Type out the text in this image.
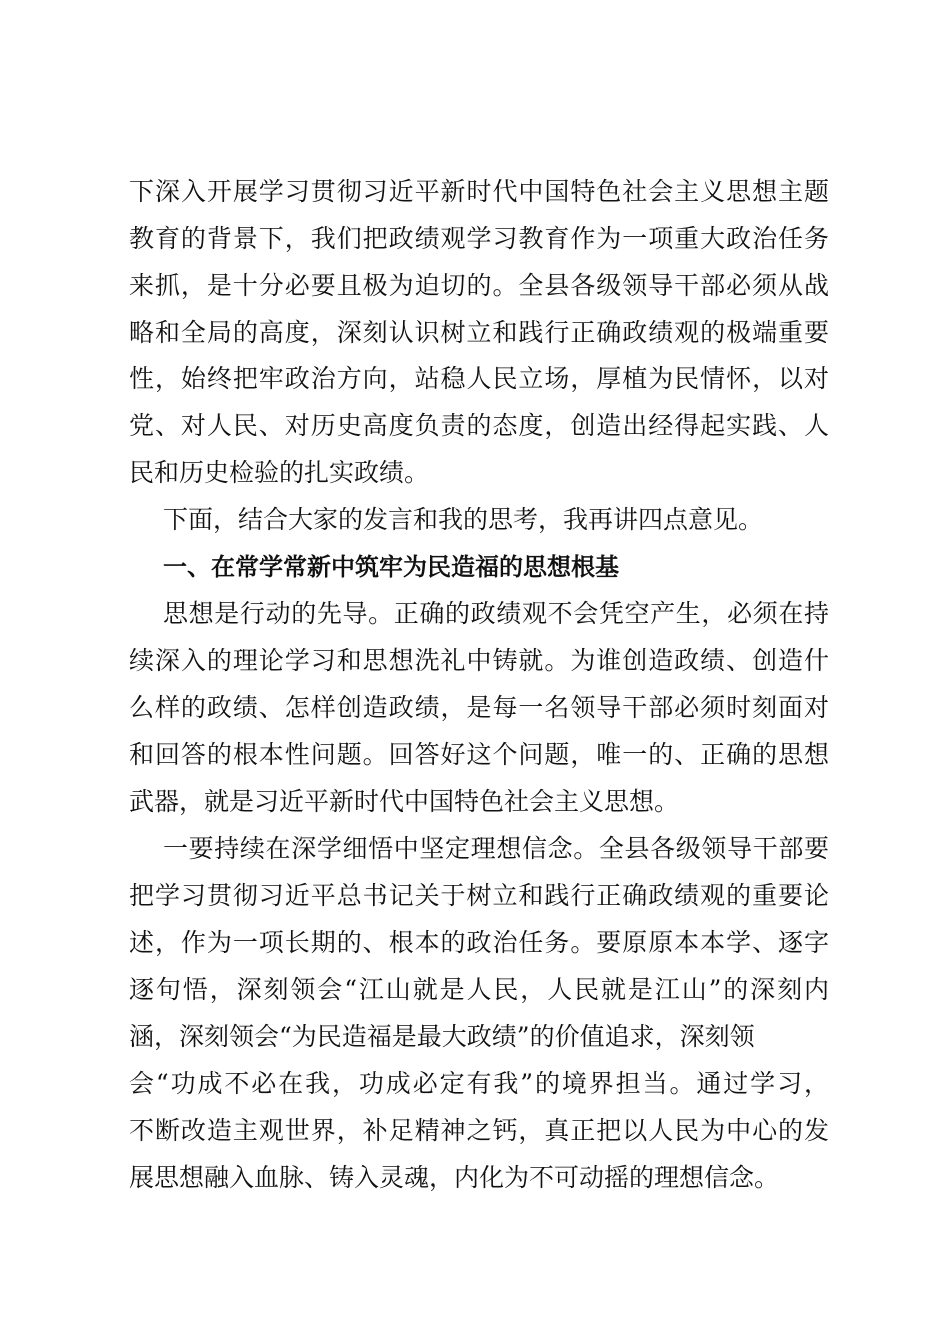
下深入开展学习贯彻习近平新时代中国特色社会主义思想主题
教育的背景下，我们把政绩观学习教育作为一项重大政治任务
来抓，是十分必要且极为迫切的。全县各级领导干部必须从战
略和全局的高度，深刻认识树立和践行正确政绩观的极端重要
性，始终把牢政治方向，站稳人民立场，厚植为民情怀，以对
党、对人民、对历史高度负责的态度，创造出经得起实践、人
民和历史检验的扎实政绩。
下面，结合大家的发言和我的思考，我再讲四点意见。
一、在常学常新中筑牢为民造福的思想根基
思想是行动的先导。正确的政绩观不会凭空产生，必须在持
续深入的理论学习和思想洗礼中铸就。为谁创造政绩、创造什
么样的政绩、怎样创造政绩，是每一名领导干部必须时刻面对
和回答的根本性问题。回答好这个问题，唯一的、正确的思想
武器，就是习近平新时代中国特色社会主义思想。
一要持续在深学细悟中坚定理想信念。全县各级领导干部要
把学习贯彻习近平总书记关于树立和践行正确政绩观的重要论
述，作为一项长期的、根本的政治任务。要原原本本学、逐字
逐句悟，深刻领会“江山就是人民，人民就是江山”的深刻内
涵，深刻领会“为民造福是最大政绩”的价值追求，深刻领
会“功成不必在我，功成必定有我”的境界担当。通过学习，
不断改造主观世界，补足精神之钙，真正把以人民为中心的发
展思想融入血脉、铸入灵魂，内化为不可动摇的理想信念。
